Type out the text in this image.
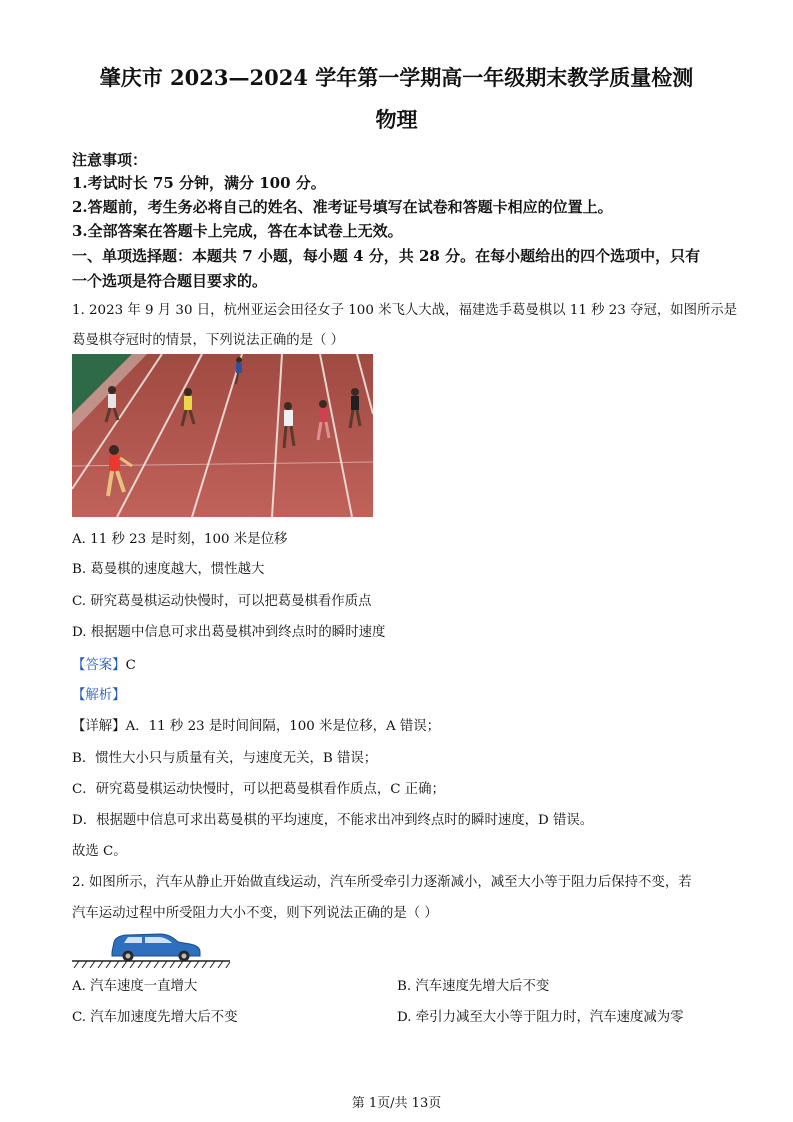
肇庆市 2023—2024 学年第一学期高一年级期末教学质量检测
物理
注意事项：
1.考试时长 75 分钟，满分 100 分。
2.答题前，考生务必将自己的姓名、准考证号填写在试卷和答题卡相应的位置上。
3.全部答案在答题卡上完成，答在本试卷上无效。
一、单项选择题：本题共 7 小题，每小题 4 分，共 28 分。在每小题给出的四个选项中，只有
一个选项是符合题目要求的。
1. 2023 年 9 月 30 日，杭州亚运会田径女子 100 米飞人大战，福建选手葛曼棋以 11 秒 23 夺冠，如图所示是
葛曼棋夺冠时的情景，下列说法正确的是（ ）
A. 11 秒 23 是时刻，100 米是位移
B. 葛曼棋的速度越大，惯性越大
C. 研究葛曼棋运动快慢时，可以把葛曼棋看作质点
D. 根据题中信息可求出葛曼棋冲到终点时的瞬时速度
【答案】C
【解析】
【详解】A．11 秒 23 是时间间隔，100 米是位移，A 错误；
B．惯性大小只与质量有关，与速度无关，B 错误；
C．研究葛曼棋运动快慢时，可以把葛曼棋看作质点，C 正确；
D．根据题中信息可求出葛曼棋的平均速度，不能求出冲到终点时的瞬时速度，D 错误。
故选 C。
2. 如图所示，汽车从静止开始做直线运动，汽车所受牵引力逐渐减小，减至大小等于阻力后保持不变，若
汽车运动过程中所受阻力大小不变，则下列说法正确的是（ ）
A. 汽车速度一直增大	B. 汽车速度先增大后不变
C. 汽车加速度先增大后不变	D. 牵引力减至大小等于阻力时，汽车速度减为零
第 1页/共 13页
